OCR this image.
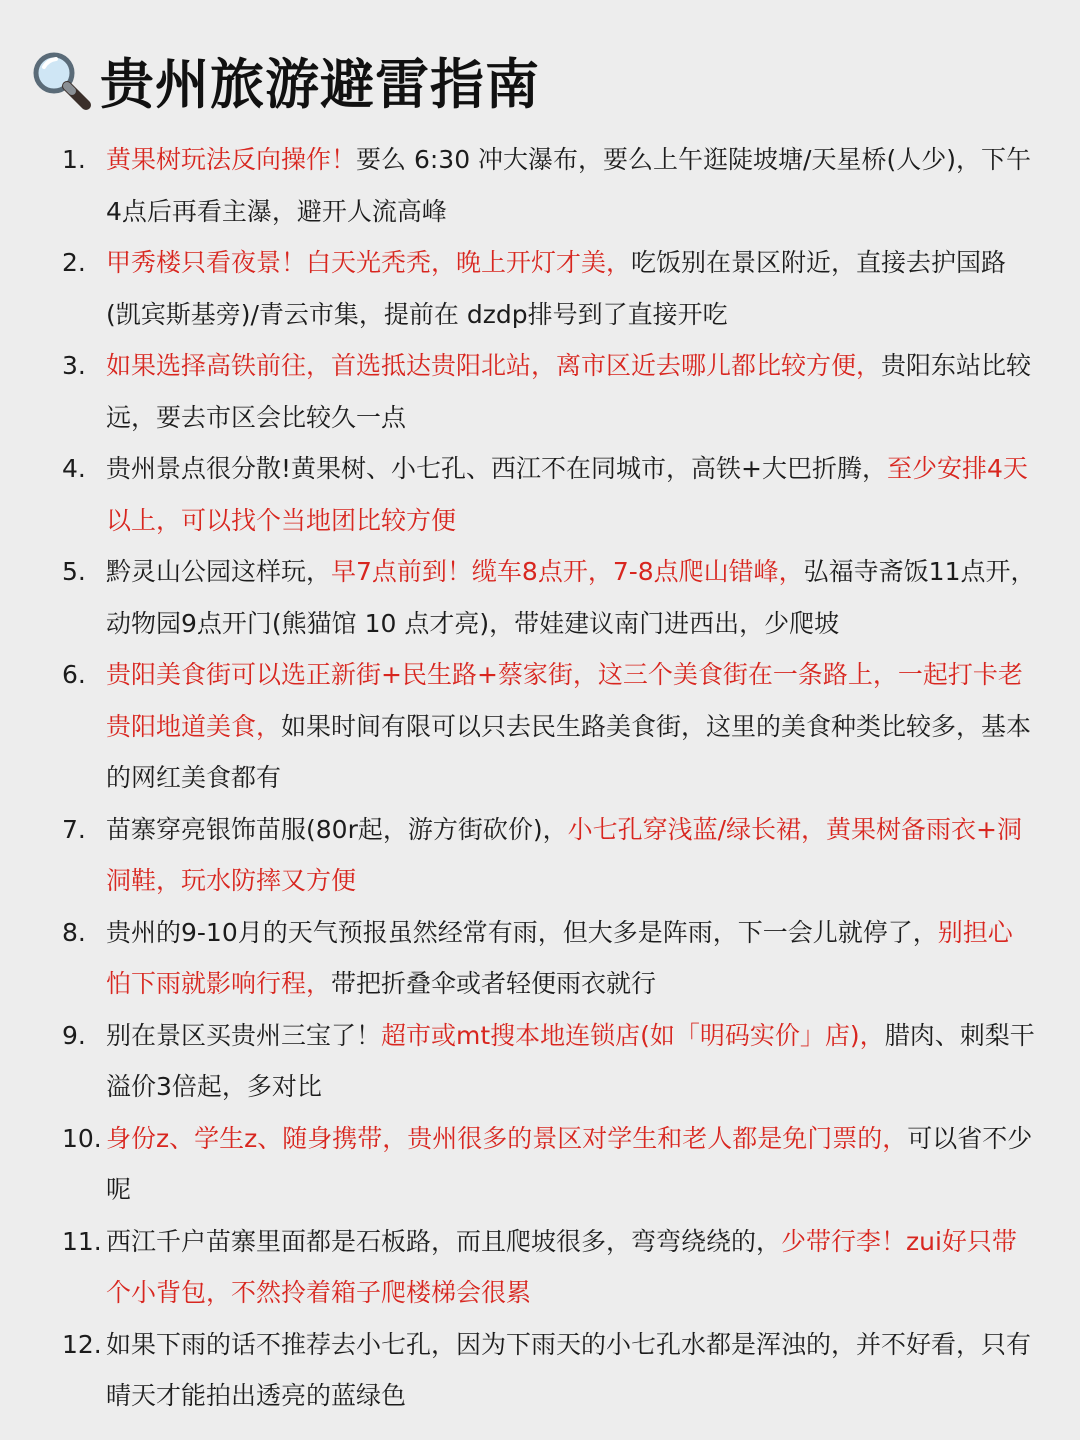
贵州旅游避雷指南
1. 黄果树玩法反向操作！要么 6:30 冲大瀑布，要么上午逛陡坡塘/天星桥(人少)，下午4点后再看主瀑，避开人流高峰
2. 甲秀楼只看夜景！白天光秃秃，晚上开灯才美，吃饭别在景区附近，直接去护国路(凯宾斯基旁)/青云市集，提前在 dzdp排号到了直接开吃
3. 如果选择高铁前往，首选抵达贵阳北站，离市区近去哪儿都比较方便，贵阳东站比较远，要去市区会比较久一点
4. 贵州景点很分散!黄果树、小七孔、西江不在同城市，高铁+大巴折腾，至少安排4天以上，可以找个当地团比较方便
5. 黔灵山公园这样玩，早7点前到！缆车8点开，7-8点爬山错峰，弘福寺斋饭11点开，动物园9点开门(熊猫馆 10 点才亮)，带娃建议南门进西出，少爬坡
6. 贵阳美食街可以选正新街+民生路+蔡家街，这三个美食街在一条路上，一起打卡老贵阳地道美食，如果时间有限可以只去民生路美食街，这里的美食种类比较多，基本的网红美食都有
7. 苗寨穿亮银饰苗服(80r起，游方街砍价)，小七孔穿浅蓝/绿长裙，黄果树备雨衣+洞洞鞋，玩水防摔又方便
8. 贵州的9-10月的天气预报虽然经常有雨，但大多是阵雨，下一会儿就停了，别担心怕下雨就影响行程，带把折叠伞或者轻便雨衣就行
9. 别在景区买贵州三宝了！超市或mt搜本地连锁店(如「明码实价」店)，腊肉、刺梨干溢价3倍起，多对比
10. 身份z、学生z、随身携带，贵州很多的景区对学生和老人都是免门票的，可以省不少呢
11. 西江千户苗寨里面都是石板路，而且爬坡很多，弯弯绕绕的，少带行李！zui好只带个小背包，不然拎着箱子爬楼梯会很累
12. 如果下雨的话不推荐去小七孔，因为下雨天的小七孔水都是浑浊的，并不好看，只有晴天才能拍出透亮的蓝绿色
